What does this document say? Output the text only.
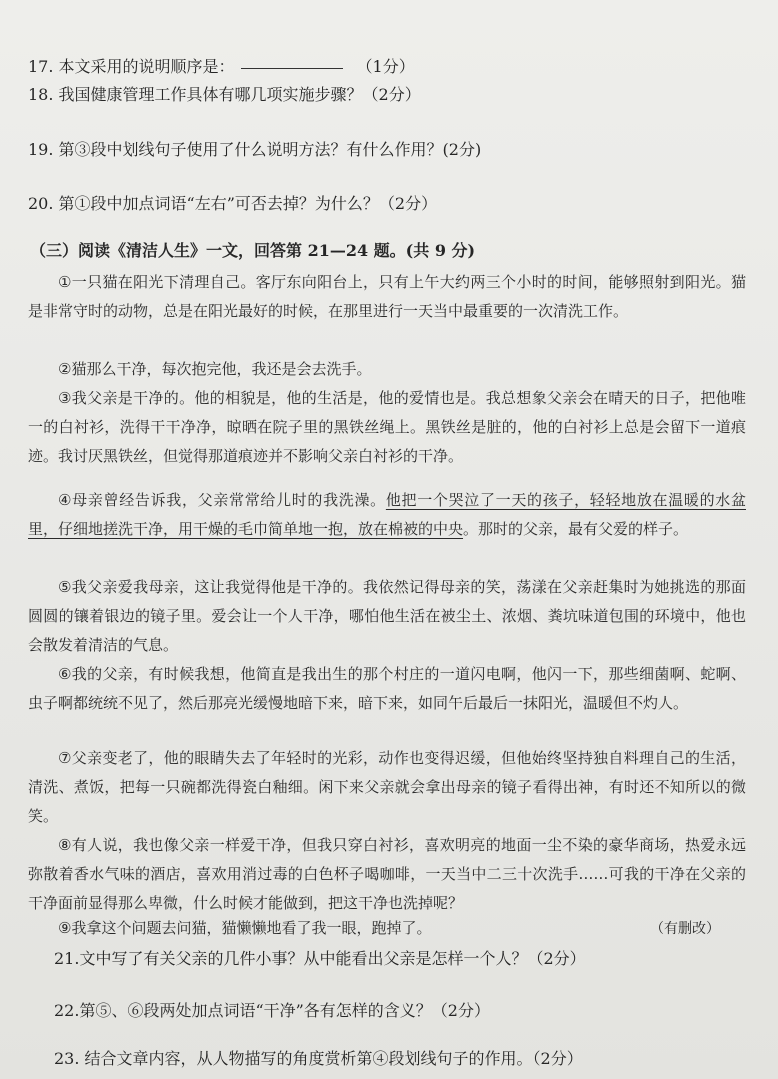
17. 本文采用的说明顺序是：	（1分）
18. 我国健康管理工作具体有哪几项实施步骤？（2分）
19. 第③段中划线句子使用了什么说明方法？有什么作用？(2分)
20. 第①段中加点词语“左右”可否去掉？为什么？（2分）
（三）阅读《清洁人生》一文，回答第 21—24 题。(共 9 分)
①一只猫在阳光下清理自己。客厅东向阳台上，只有上午大约两三个小时的时间，能够照射到阳光。猫是非常守时的动物，总是在阳光最好的时候，在那里进行一天当中最重要的一次清洗工作。
②猫那么干净，每次抱完他，我还是会去洗手。
③我父亲是干净的。他的相貌是，他的生活是，他的爱情也是。我总想象父亲会在晴天的日子，把他唯一的白衬衫，洗得干干净净，晾晒在院子里的黑铁丝绳上。黑铁丝是脏的，他的白衬衫上总是会留下一道痕迹。我讨厌黑铁丝，但觉得那道痕迹并不影响父亲白衬衫的干净。
④母亲曾经告诉我，父亲常常给儿时的我洗澡。他把一个哭泣了一天的孩子，轻轻地放在温暖的水盆里，仔细地搓洗干净，用干燥的毛巾简单地一抱，放在棉被的中央。那时的父亲，最有父爱的样子。
⑤我父亲爱我母亲，这让我觉得他是干净的。我依然记得母亲的笑，荡漾在父亲赶集时为她挑选的那面圆圆的镶着银边的镜子里。爱会让一个人干净，哪怕他生活在被尘土、浓烟、粪坑味道包围的环境中，他也会散发着清洁的气息。
⑥我的父亲，有时候我想，他简直是我出生的那个村庄的一道闪电啊，他闪一下，那些细菌啊、蛇啊、虫子啊都统统不见了，然后那亮光缓慢地暗下来，暗下来，如同午后最后一抹阳光，温暖但不灼人。
⑦父亲变老了，他的眼睛失去了年轻时的光彩，动作也变得迟缓，但他始终坚持独自料理自己的生活，清洗、煮饭，把每一只碗都洗得瓷白釉细。闲下来父亲就会拿出母亲的镜子看得出神，有时还不知所以的微笑。
⑧有人说，我也像父亲一样爱干净，但我只穿白衬衫，喜欢明亮的地面一尘不染的豪华商场，热爱永远弥散着香水气味的酒店，喜欢用消过毒的白色杯子喝咖啡，一天当中二三十次洗手……可我的干净在父亲的干净面前显得那么卑微，什么时候才能做到，把这干净也洗掉呢？
⑨我拿这个问题去问猫，猫懒懒地看了我一眼，跑掉了。	（有删改）
21.文中写了有关父亲的几件小事？从中能看出父亲是怎样一个人？（2分）
22.第⑤、⑥段两处加点词语“干净”各有怎样的含义？（2分）
23. 结合文章内容，从人物描写的角度赏析第④段划线句子的作用。（2分）
